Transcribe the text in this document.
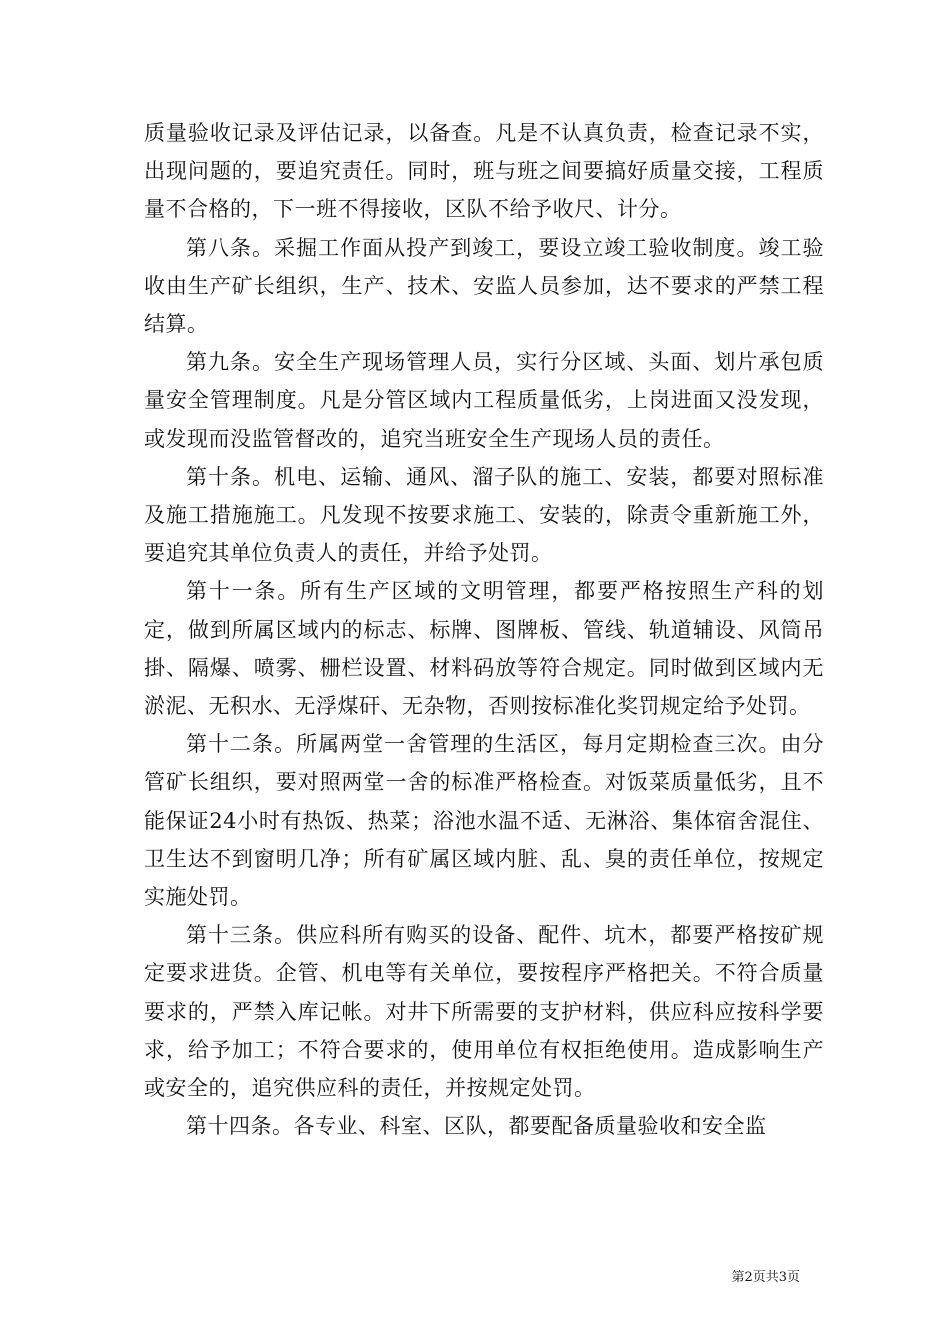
质量验收记录及评估记录，以备查。凡是不认真负责，检查记录不实，出现问题的，要追究责任。同时，班与班之间要搞好质量交接，工程质量不合格的，下一班不得接收，区队不给予收尺、计分。

第八条。采掘工作面从投产到竣工，要设立竣工验收制度。竣工验收由生产矿长组织，生产、技术、安监人员参加，达不要求的严禁工程结算。

第九条。安全生产现场管理人员，实行分区域、头面、划片承包质量安全管理制度。凡是分管区域内工程质量低劣，上岗进面又没发现，或发现而没监管督改的，追究当班安全生产现场人员的责任。

第十条。机电、运输、通风、溜子队的施工、安装，都要对照标准及施工措施施工。凡发现不按要求施工、安装的，除责令重新施工外，要追究其单位负责人的责任，并给予处罚。

第十一条。所有生产区域的文明管理，都要严格按照生产科的划定，做到所属区域内的标志、标牌、图牌板、管线、轨道辅设、风筒吊掛、隔爆、喷雾、栅栏设置、材料码放等符合规定。同时做到区域内无淤泥、无积水、无浮煤矸、无杂物，否则按标准化奖罚规定给予处罚。

第十二条。所属两堂一舍管理的生活区，每月定期检查三次。由分管矿长组织，要对照两堂一舍的标准严格检查。对饭菜质量低劣，且不能保证24小时有热饭、热菜；浴池水温不适、无淋浴、集体宿舍混住、卫生达不到窗明几净；所有矿属区域内脏、乱、臭的责任单位，按规定实施处罚。

第十三条。供应科所有购买的设备、配件、坑木，都要严格按矿规定要求进货。企管、机电等有关单位，要按程序严格把关。不符合质量要求的，严禁入库记帐。对井下所需要的支护材料，供应科应按科学要求，给予加工；不符合要求的，使用单位有权拒绝使用。造成影响生产或安全的，追究供应科的责任，并按规定处罚。

第十四条。各专业、科室、区队，都要配备质量验收和安全监

第2页共3页
